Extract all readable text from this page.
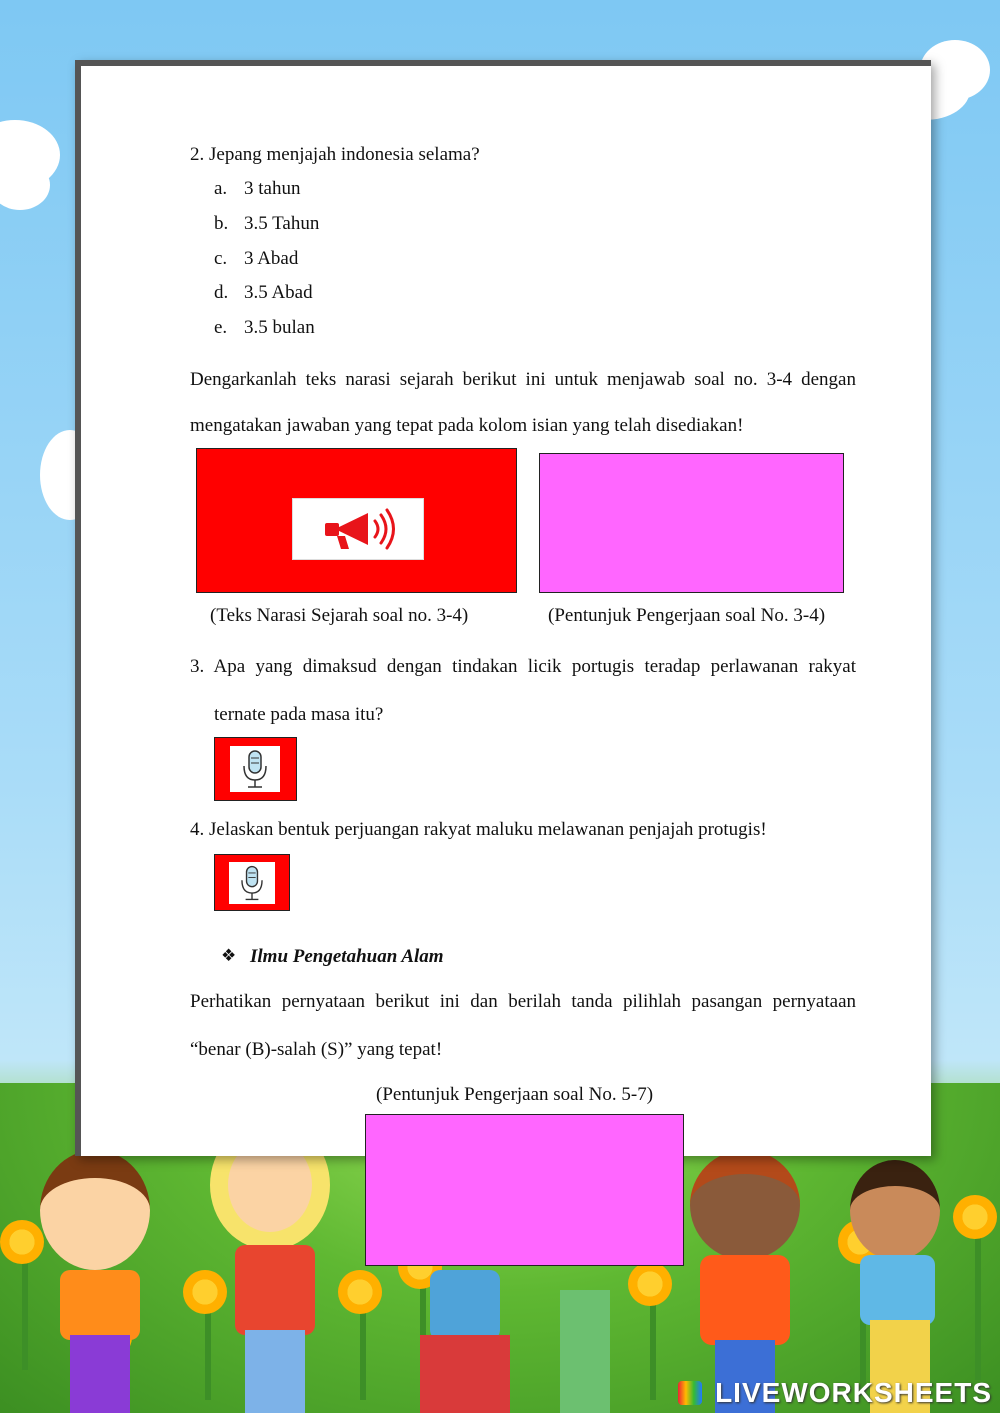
2. Jepang menjajah indonesia selama?
a. 3 tahun
b. 3.5 Tahun
c. 3 Abad
d. 3.5 Abad
e. 3.5 bulan
Dengarkanlah teks narasi sejarah berikut ini untuk menjawab soal no. 3-4 dengan
mengatakan jawaban yang tepat pada kolom isian yang telah disediakan!
(Teks Narasi Sejarah soal no. 3-4)	(Pentunjuk Pengerjaan soal No. 3-4)
3. Apa yang dimaksud dengan tindakan licik portugis teradap perlawanan rakyat
ternate pada masa itu?
4. Jelaskan bentuk perjuangan rakyat maluku melawanan penjajah protugis!
❖ Ilmu Pengetahuan Alam
Perhatikan pernyataan berikut ini dan berilah tanda pilihlah pasangan pernyataan
“benar (B)-salah (S)” yang tepat!
(Pentunjuk Pengerjaan soal No. 5-7)
LIVEWORKSHEETS
